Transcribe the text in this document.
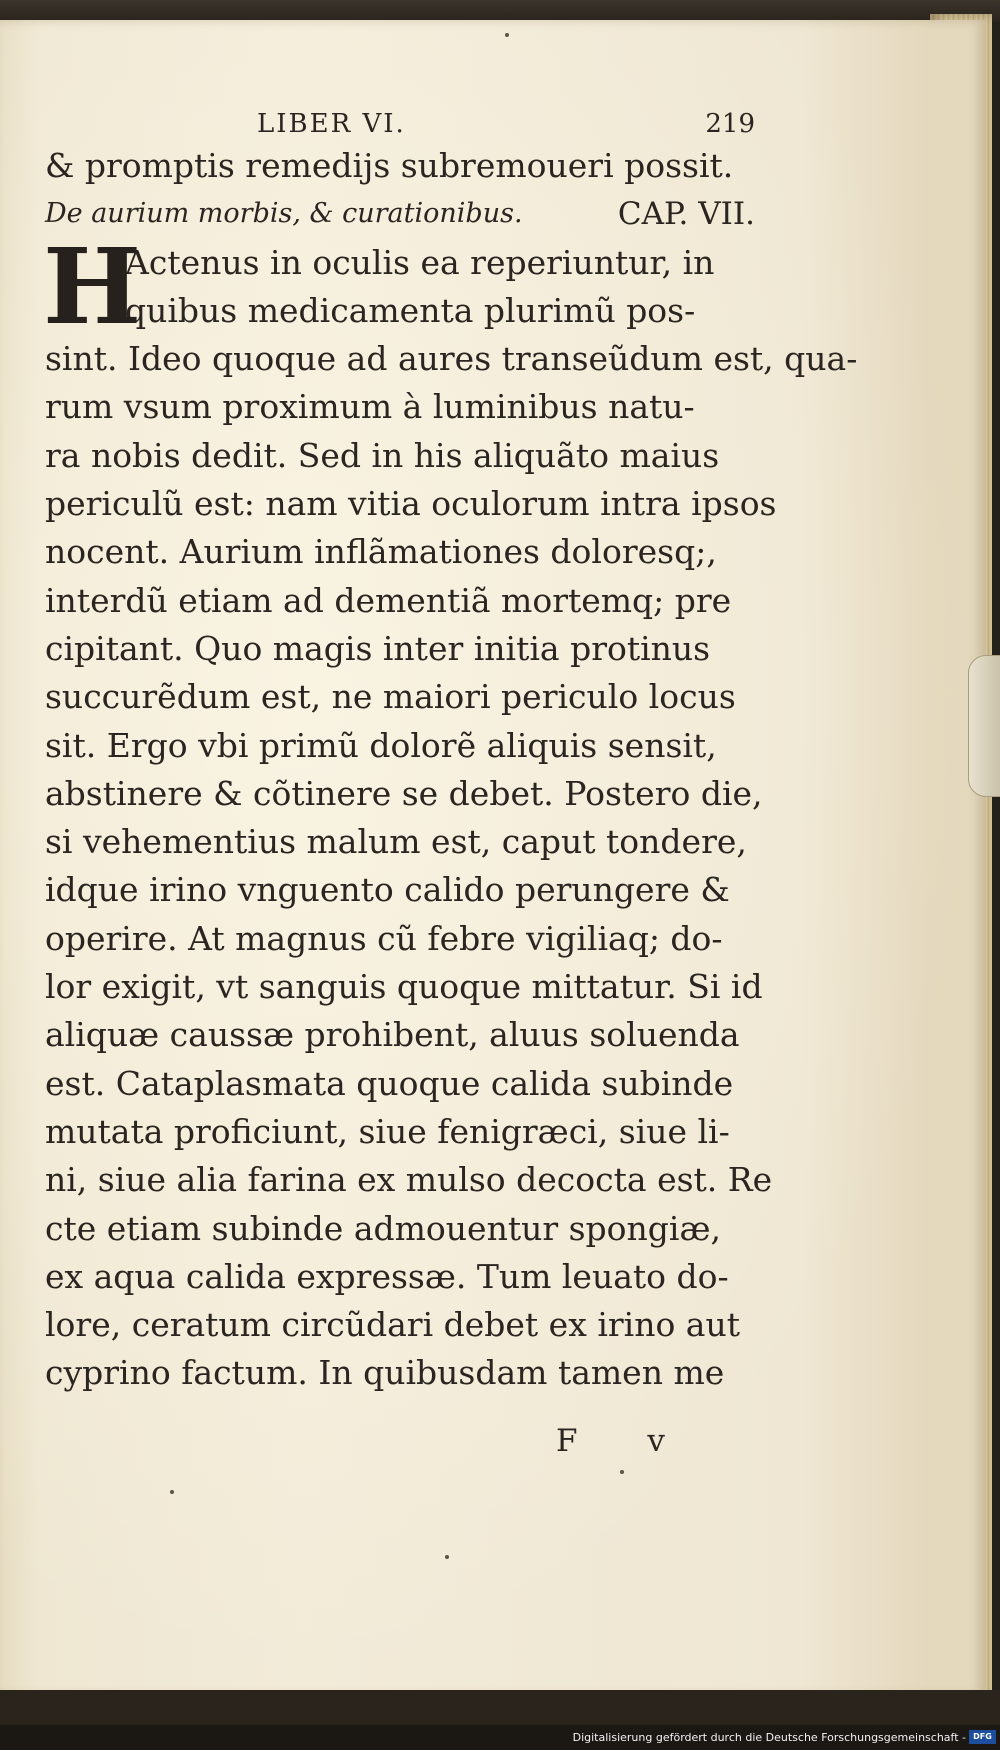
LIBER VI.	219
& promptis remedijs subremoueri possit.
De aurium morbis, & curationibus.	CAP. VII.
H
Actenus in oculis ea reperiuntur, in
quibus medicamenta plurimũ pos-
sint. Ideo quoque ad aures transeũdum est, qua-
rum vsum proximum à luminibus natu-
ra nobis dedit. Sed in his aliquãto maius
periculũ est: nam vitia oculorum intra ipsos
nocent. Aurium inflãmationes doloresq;,
interdũ etiam ad dementiã mortemq; pre
cipitant. Quo magis inter initia protinus
succurẽdum est, ne maiori periculo locus
sit. Ergo vbi primũ dolorẽ aliquis sensit,
abstinere & cõtinere se debet. Postero die,
si vehementius malum est, caput tondere,
idque irino vnguento calido perungere &
operire. At magnus cũ febre vigiliaq; do-
lor exigit, vt sanguis quoque mittatur. Si id
aliquæ caussæ prohibent, aluus soluenda
est. Cataplasmata quoque calida subinde
mutata proficiunt, siue fenigræci, siue li-
ni, siue alia farina ex mulso decocta est. Re
cte etiam subinde admouentur spongiæ,
ex aqua calida expressæ. Tum leuato do-
lore, ceratum circũdari debet ex irino aut
cyprino factum. In quibusdam tamen me
F v
Digitalisierung gefördert durch die Deutsche Forschungsgemeinschaft - DFG
